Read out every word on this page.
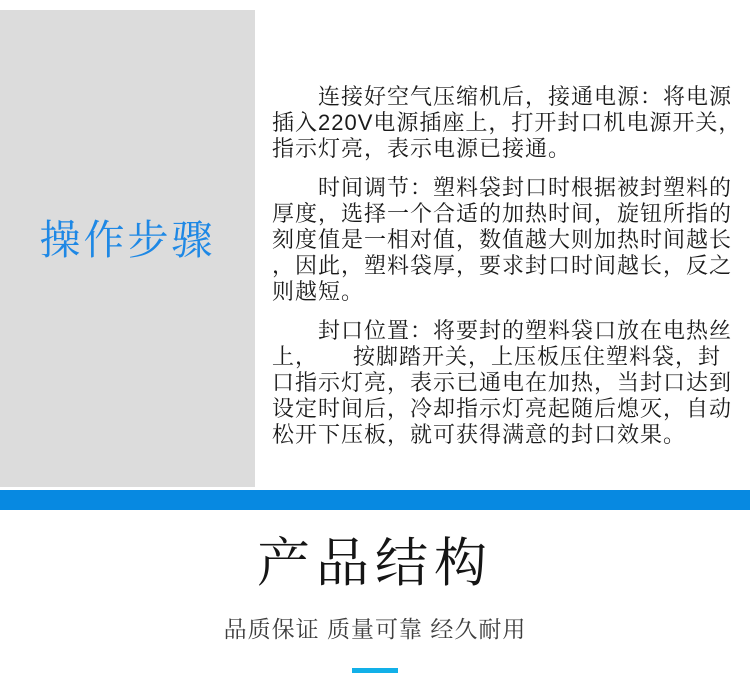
操作步骤
　　连接好空气压缩机后，接通电源：将电源
插入220V电源插座上，打开封口机电源开关，
指示灯亮，表示电源已接通。
　　时间调节：塑料袋封口时根据被封塑料的
厚度，选择一个合适的加热时间，旋钮所指的
刻度值是一相对值，数值越大则加热时间越长
，因此，塑料袋厚，要求封口时间越长，反之
则越短。
　　封口位置：将要封的塑料袋口放在电热丝
上，　　按脚踏开关，上压板压住塑料袋，封
口指示灯亮，表示已通电在加热，当封口达到
设定时间后，冷却指示灯亮起随后熄灭，自动
松开下压板，就可获得满意的封口效果。
产品结构
品质保证 质量可靠 经久耐用
